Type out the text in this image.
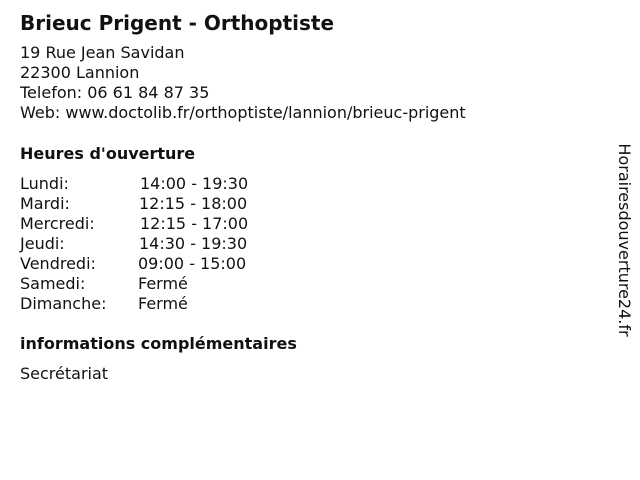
Brieuc Prigent - Orthoptiste
19 Rue Jean Savidan
22300 Lannion
Telefon: 06 61 84 87 35
Web: www.doctolib.fr/orthoptiste/lannion/brieuc-prigent
Heures d'ouverture
Lundi:	14:00 - 19:30
Mardi:	12:15 - 18:00
Mercredi:	12:15 - 17:00
Jeudi:	14:30 - 19:30
Vendredi:	09:00 - 15:00
Samedi:	Fermé
Dimanche: Fermé
informations complémentaires
Secrétariat
Horairesdouverture24.fr
